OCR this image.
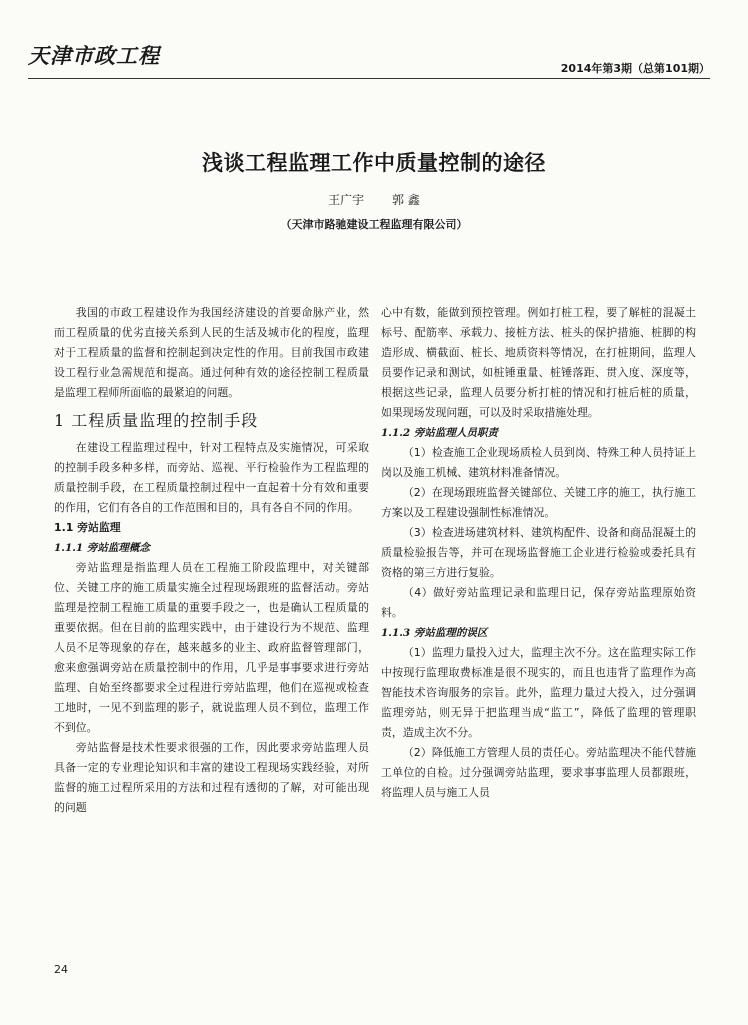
天津市政工程
2014年第3期（总第101期）
浅谈工程监理工作中质量控制的途径
王广宇 郭 鑫
（天津市路驰建设工程监理有限公司）

我国的市政工程建设作为我国经济建设的首要命脉产业，然而工程质量的优劣直接关系到人民的生活及城市化的程度，监理对于工程质量的监督和控制起到决定性的作用。目前我国市政建设工程行业急需规范和提高。通过何种有效的途径控制工程质量是监理工程师所面临的最紧迫的问题。

1 工程质量监理的控制手段

在建设工程监理过程中，针对工程特点及实施情况，可采取的控制手段多种多样，而旁站、巡视、平行检验作为工程监理的质量控制手段，在工程质量控制过程中一直起着十分有效和重要的作用，它们有各自的工作范围和目的，具有各自不同的作用。

1.1 旁站监理
1.1.1 旁站监理概念

旁站监理是指监理人员在工程施工阶段监理中，对关键部位、关键工序的施工质量实施全过程现场跟班的监督活动。旁站监理是控制工程施工质量的重要手段之一，也是确认工程质量的重要依据。但在目前的监理实践中，由于建设行为不规范、监理人员不足等现象的存在，越来越多的业主、政府监督管理部门，愈来愈强调旁站在质量控制中的作用，几乎是事事要求进行旁站监理、自始至终都要求全过程进行旁站监理，他们在巡视或检查工地时，一见不到监理的影子，就说监理人员不到位，监理工作不到位。

旁站监督是技术性要求很强的工作，因此要求旁站监理人员具备一定的专业理论知识和丰富的建设工程现场实践经验，对所监督的施工过程所采用的方法和过程有透彻的了解，对可能出现的问题

心中有数，能做到预控管理。例如打桩工程，要了解桩的混凝土标号、配筋率、承载力、接桩方法、桩头的保护措施、桩脚的构造形成、横截面、桩长、地质资料等情况，在打桩期间，监理人员要作记录和测试，如桩锤重量、桩锤落距、贯入度、深度等，根据这些记录，监理人员要分析打桩的情况和打桩后桩的质量，如果现场发现问题，可以及时采取措施处理。

1.1.2 旁站监理人员职责

（1）检查施工企业现场质检人员到岗、特殊工种人员持证上岗以及施工机械、建筑材料准备情况。

（2）在现场跟班监督关键部位、关键工序的施工，执行施工方案以及工程建设强制性标准情况。

（3）检查进场建筑材料、建筑构配件、设备和商品混凝土的质量检验报告等，并可在现场监督施工企业进行检验或委托具有资格的第三方进行复验。

（4）做好旁站监理记录和监理日记，保存旁站监理原始资料。

1.1.3 旁站监理的误区

（1）监理力量投入过大，监理主次不分。这在监理实际工作中按现行监理取费标准是很不现实的，而且也违背了监理作为高智能技术咨询服务的宗旨。此外，监理力量过大投入，过分强调监理旁站，则无异于把监理当成“监工”，降低了监理的管理职责，造成主次不分。

（2）降低施工方管理人员的责任心。旁站监理决不能代替施工单位的自检。过分强调旁站监理，要求事事监理人员都跟班，将监理人员与施工人员

24
